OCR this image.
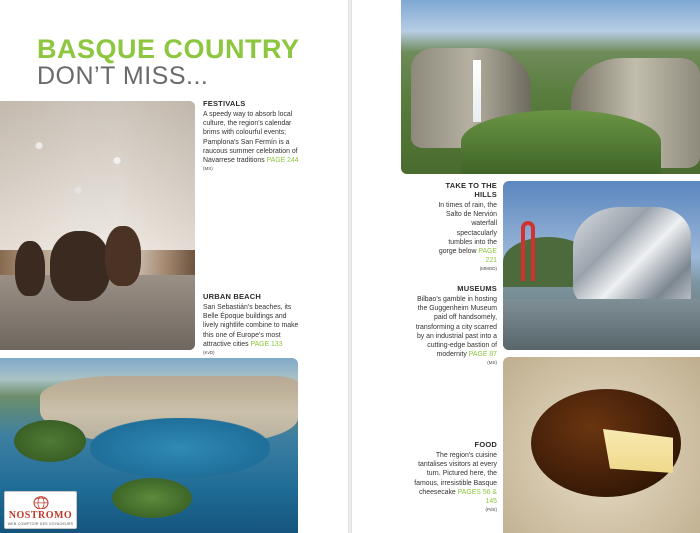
BASQUE COUNTRY
DON’T MISS...
FESTIVALS
A speedy way to absorb local culture, the region’s calendar brims with colourful events; Pamplona’s San Fermín is a raucous summer celebration of Navarrese traditions PAGE 244
(MS)
URBAN BEACH
San Sebastián’s beaches, its Belle Époque buildings and lively nightlife combine to make this one of Europe’s most attractive cities PAGE 133
(KvD)
TAKE TO THE HILLS
In times of rain, the Salto de Nervión waterfall spectacularly tumbles into the gorge below PAGE 221
(MMOD)
MUSEUMS
Bilbao’s gamble in hosting the Guggenheim Museum paid off handsomely, transforming a city scarred by an industrial past into a cutting-edge bastion of modernity PAGE 87
(MS)
FOOD
The region’s cuisine tantalises visitors at every turn. Pictured here, the famous, irresistible Basque cheesecake PAGES 56 & 145
(PdS)
NOSTROMO
WEB COMPTOIR DES VOYAGEURS
